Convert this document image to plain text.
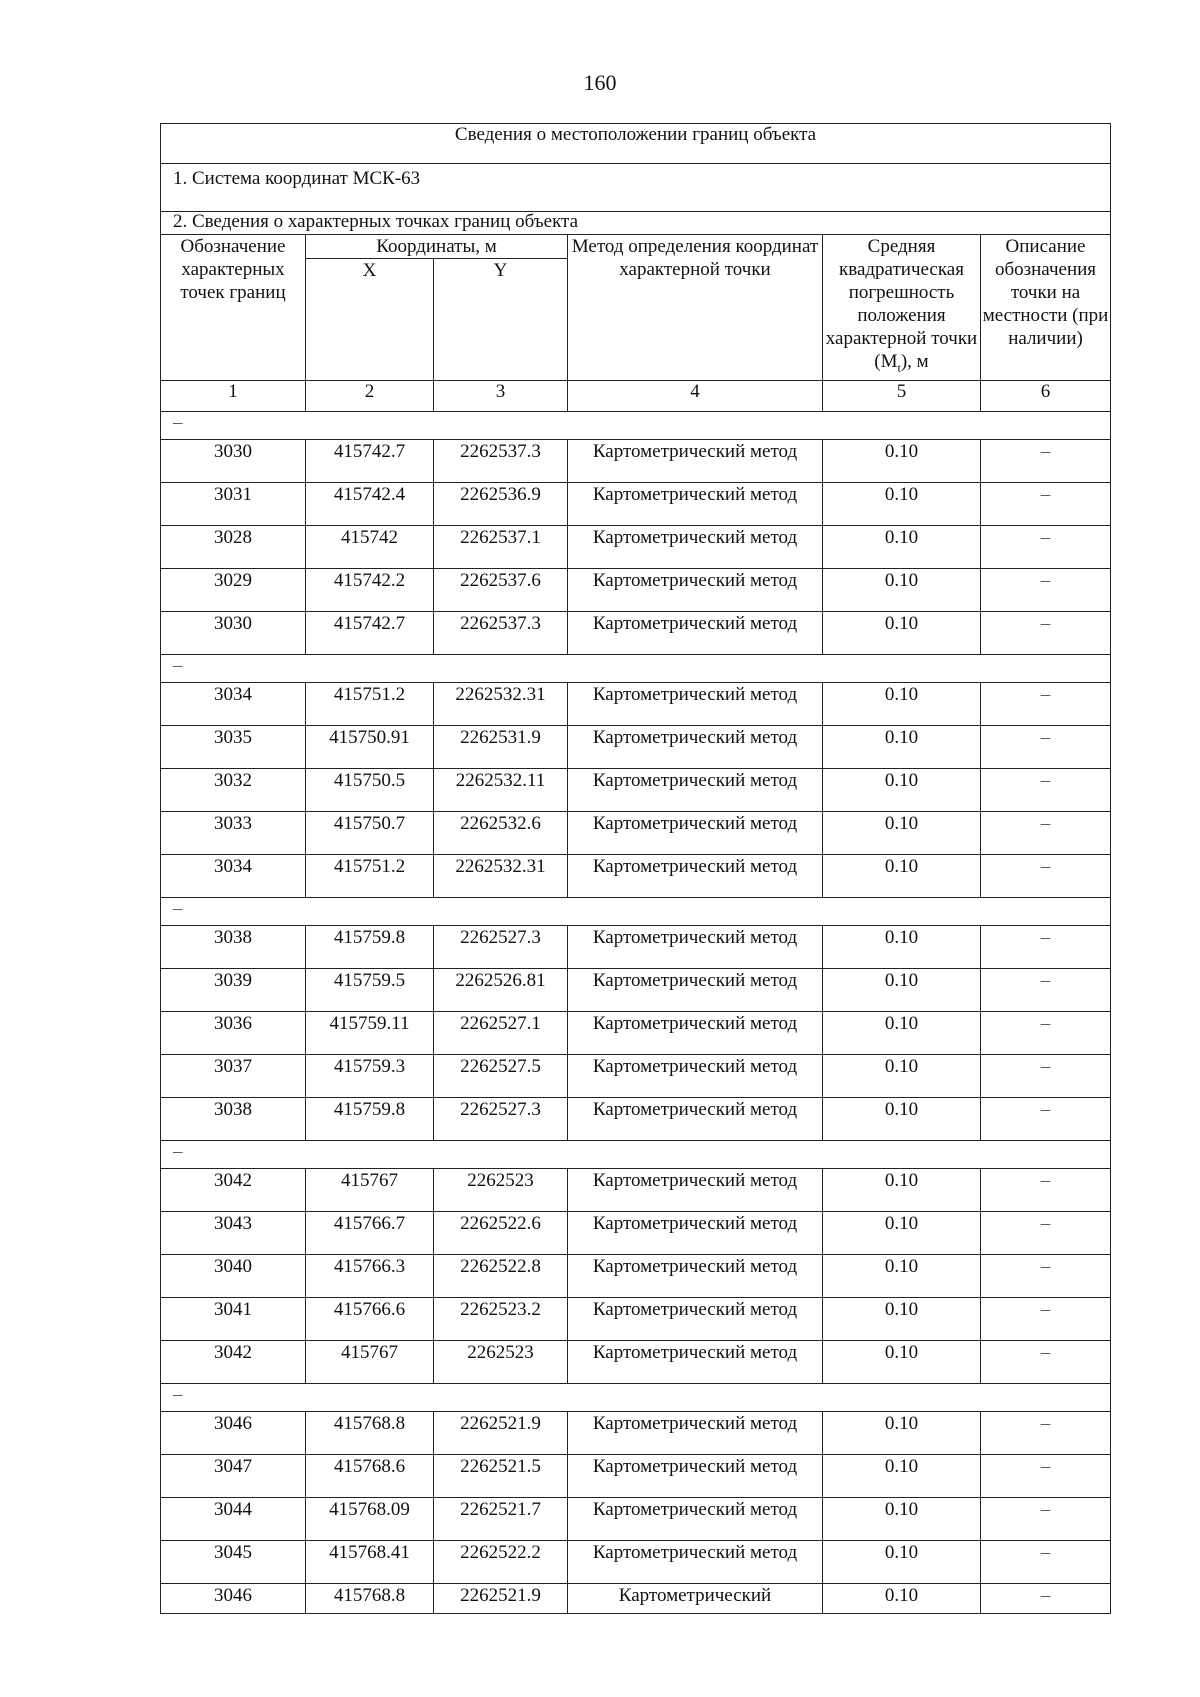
160
Сведения о местоположении границ объекта					
1. Система координат МСК-63					
2. Сведения о характерных точках границ объекта					
Обозначение характерных точек границ	Координаты, м		Метод определения координат характерной точки	Средняя квадратическая погрешность положения характерной точки $(M_t)$, м	Описание обозначения точки на местности (при наличии)
	X	Y			
1	2	3	4	5	6
–					
3030	415742.7	2262537.3	Картометрический метод	0.10	–
3031	415742.4	2262536.9	Картометрический метод	0.10	–
3028	415742	2262537.1	Картометрический метод	0.10	–
3029	415742.2	2262537.6	Картометрический метод	0.10	–
3030	415742.7	2262537.3	Картометрический метод	0.10	–
–					
3034	415751.2	2262532.31	Картометрический метод	0.10	–
3035	415750.91	2262531.9	Картометрический метод	0.10	–
3032	415750.5	2262532.11	Картометрический метод	0.10	–
3033	415750.7	2262532.6	Картометрический метод	0.10	–
3034	415751.2	2262532.31	Картометрический метод	0.10	–
–					
3038	415759.8	2262527.3	Картометрический метод	0.10	–
3039	415759.5	2262526.81	Картометрический метод	0.10	–
3036	415759.11	2262527.1	Картометрический метод	0.10	–
3037	415759.3	2262527.5	Картометрический метод	0.10	–
3038	415759.8	2262527.3	Картометрический метод	0.10	–
–					
3042	415767	2262523	Картометрический метод	0.10	–
3043	415766.7	2262522.6	Картометрический метод	0.10	–
3040	415766.3	2262522.8	Картометрический метод	0.10	–
3041	415766.6	2262523.2	Картометрический метод	0.10	–
3042	415767	2262523	Картометрический метод	0.10	–
–					
3046	415768.8	2262521.9	Картометрический метод	0.10	–
3047	415768.6	2262521.5	Картометрический метод	0.10	–
3044	415768.09	2262521.7	Картометрический метод	0.10	–
3045	415768.41	2262522.2	Картометрический метод	0.10	–
3046	415768.8	2262521.9	Картометрический	0.10	–
